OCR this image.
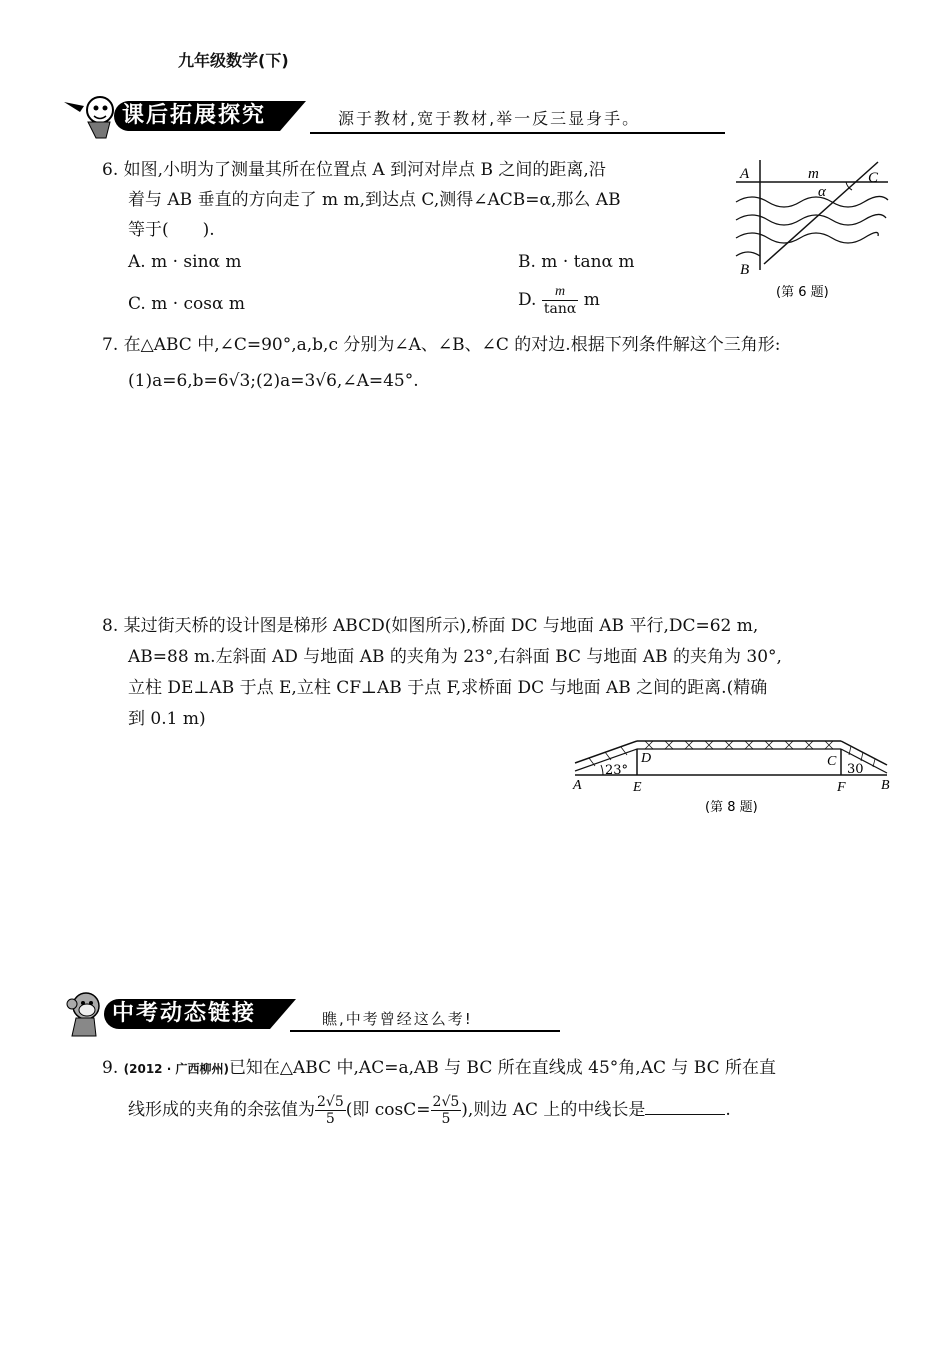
九年级数学(下)
课后拓展探究	源于教材,宽于教材,举一反三显身手。
6. 如图,小明为了测量其所在位置点 A 到河对岸点 B 之间的距离,沿
着与 AB 垂直的方向走了 m m,到达点 C,测得∠ACB=α,那么 AB
等于(　　).
A. m · sinα m	B. m · tanα m
C. m · cosα m	D. $\frac{m}{\tan\alpha}$ m
A	m	C
α
B
(第 6 题)
7. 在△ABC 中,∠C=90°,a,b,c 分别为∠A、∠B、∠C 的对边.根据下列条件解这个三角形:
(1)a=6,b=6√3;(2)a=3√6,∠A=45°.
8. 某过街天桥的设计图是梯形 ABCD(如图所示),桥面 DC 与地面 AB 平行,DC=62 m,
AB=88 m.左斜面 AD 与地面 AB 的夹角为 23°,右斜面 BC 与地面 AB 的夹角为 30°,
立柱 DE⊥AB 于点 E,立柱 CF⊥AB 于点 F,求桥面 DC 与地面 AB 之间的距离.(精确
到 0.1 m)
A	E
D	C
F	B
23°	30
(第 8 题)
中考动态链接	瞧,中考曾经这么考!
9. (2012 · 广西柳州)已知在△ABC 中,AC=a,AB 与 BC 所在直线成 45°角,AC 与 BC 所在直
线形成的夹角的余弦值为 $\frac{2√5}{5}$ (即 $\cos C= \frac{2√5}{5}$ ),则边 AC 上的中线长是	.
